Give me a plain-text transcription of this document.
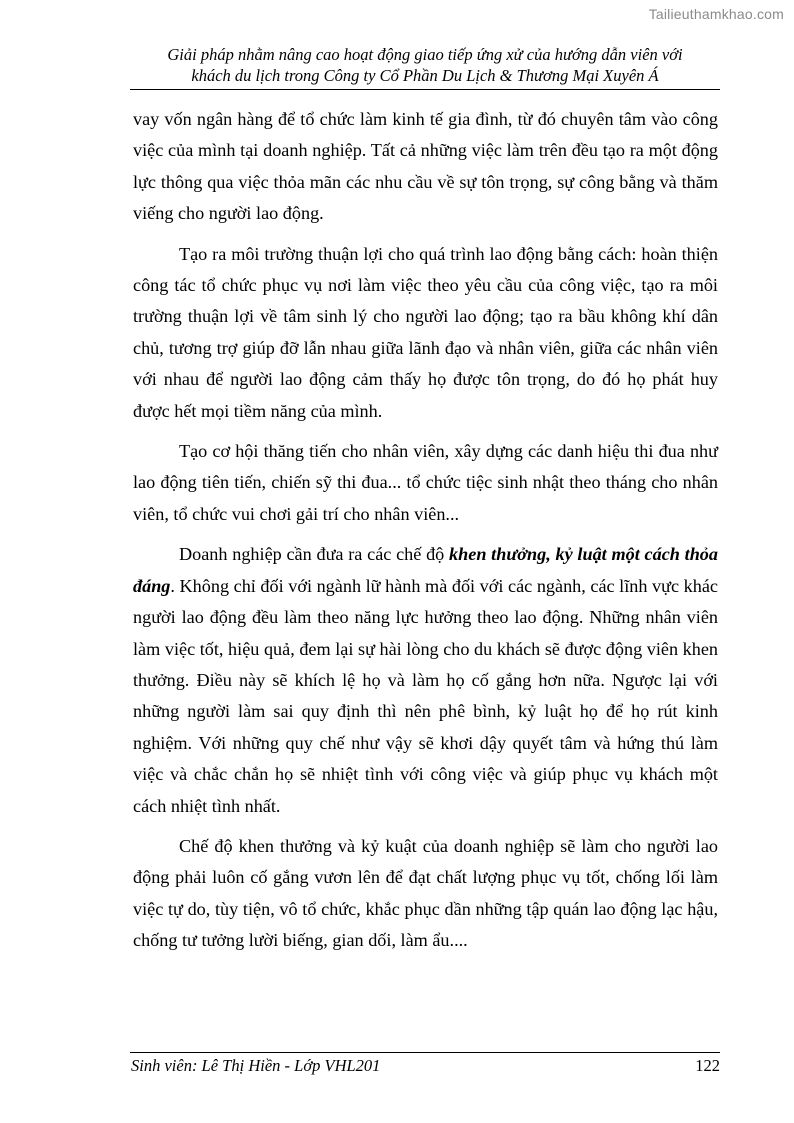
Tailieuthamkhao.com
Giải pháp nhằm nâng cao hoạt động giao tiếp ứng xử của hướng dẫn viên với
khách du lịch trong Công ty Cổ Phần Du Lịch & Thương Mại Xuyên Á

vay vốn ngân hàng để tổ chức làm kinh tế gia đình, từ đó chuyên tâm vào công việc của mình tại doanh nghiệp. Tất cả những việc làm trên đều tạo ra một động lực thông qua việc thỏa mãn các nhu cầu về sự tôn trọng, sự công bằng và thăm viếng cho người lao động.

Tạo ra môi trường thuận lợi cho quá trình lao động bằng cách: hoàn thiện công tác tổ chức phục vụ nơi làm việc theo yêu cầu của công việc, tạo ra môi trường thuận lợi về tâm sinh lý cho người lao động; tạo ra bầu không khí dân chủ, tương trợ giúp đỡ lẫn nhau giữa lãnh đạo và nhân viên, giữa các nhân viên với nhau để người lao động cảm thấy họ được tôn trọng, do đó họ phát huy được hết mọi tiềm năng của mình.

Tạo cơ hội thăng tiến cho nhân viên, xây dựng các danh hiệu thi đua như lao động tiên tiến, chiến sỹ thi đua... tổ chức tiệc sinh nhật theo tháng cho nhân viên, tổ chức vui chơi gải trí cho nhân viên...

Doanh nghiệp cần đưa ra các chế độ khen thưởng, kỷ luật một cách thỏa đáng. Không chỉ đối với ngành lữ hành mà đối với các ngành, các lĩnh vực khác người lao động đều làm theo năng lực hưởng theo lao động. Những nhân viên làm việc tốt, hiệu quả, đem lại sự hài lòng cho du khách sẽ được động viên khen thưởng. Điều này sẽ khích lệ họ và làm họ cố gắng hơn nữa. Ngược lại với những người làm sai quy định thì nên phê bình, kỷ luật họ để họ rút kinh nghiệm. Với những quy chế như vậy sẽ khơi dậy quyết tâm và hứng thú làm việc và chắc chắn họ sẽ nhiệt tình với công việc và giúp phục vụ khách một cách nhiệt tình nhất.

Chế độ khen thưởng và kỷ kuật của doanh nghiệp sẽ làm cho người lao động phải luôn cố gắng vươn lên để đạt chất lượng phục vụ tốt, chống lối làm việc tự do, tùy tiện, vô tổ chức, khắc phục dần những tập quán lao động lạc hậu, chống tư tưởng lười biếng, gian dối, làm ẩu....

Sinh viên: Lê Thị Hiền - Lớp VHL201	122
